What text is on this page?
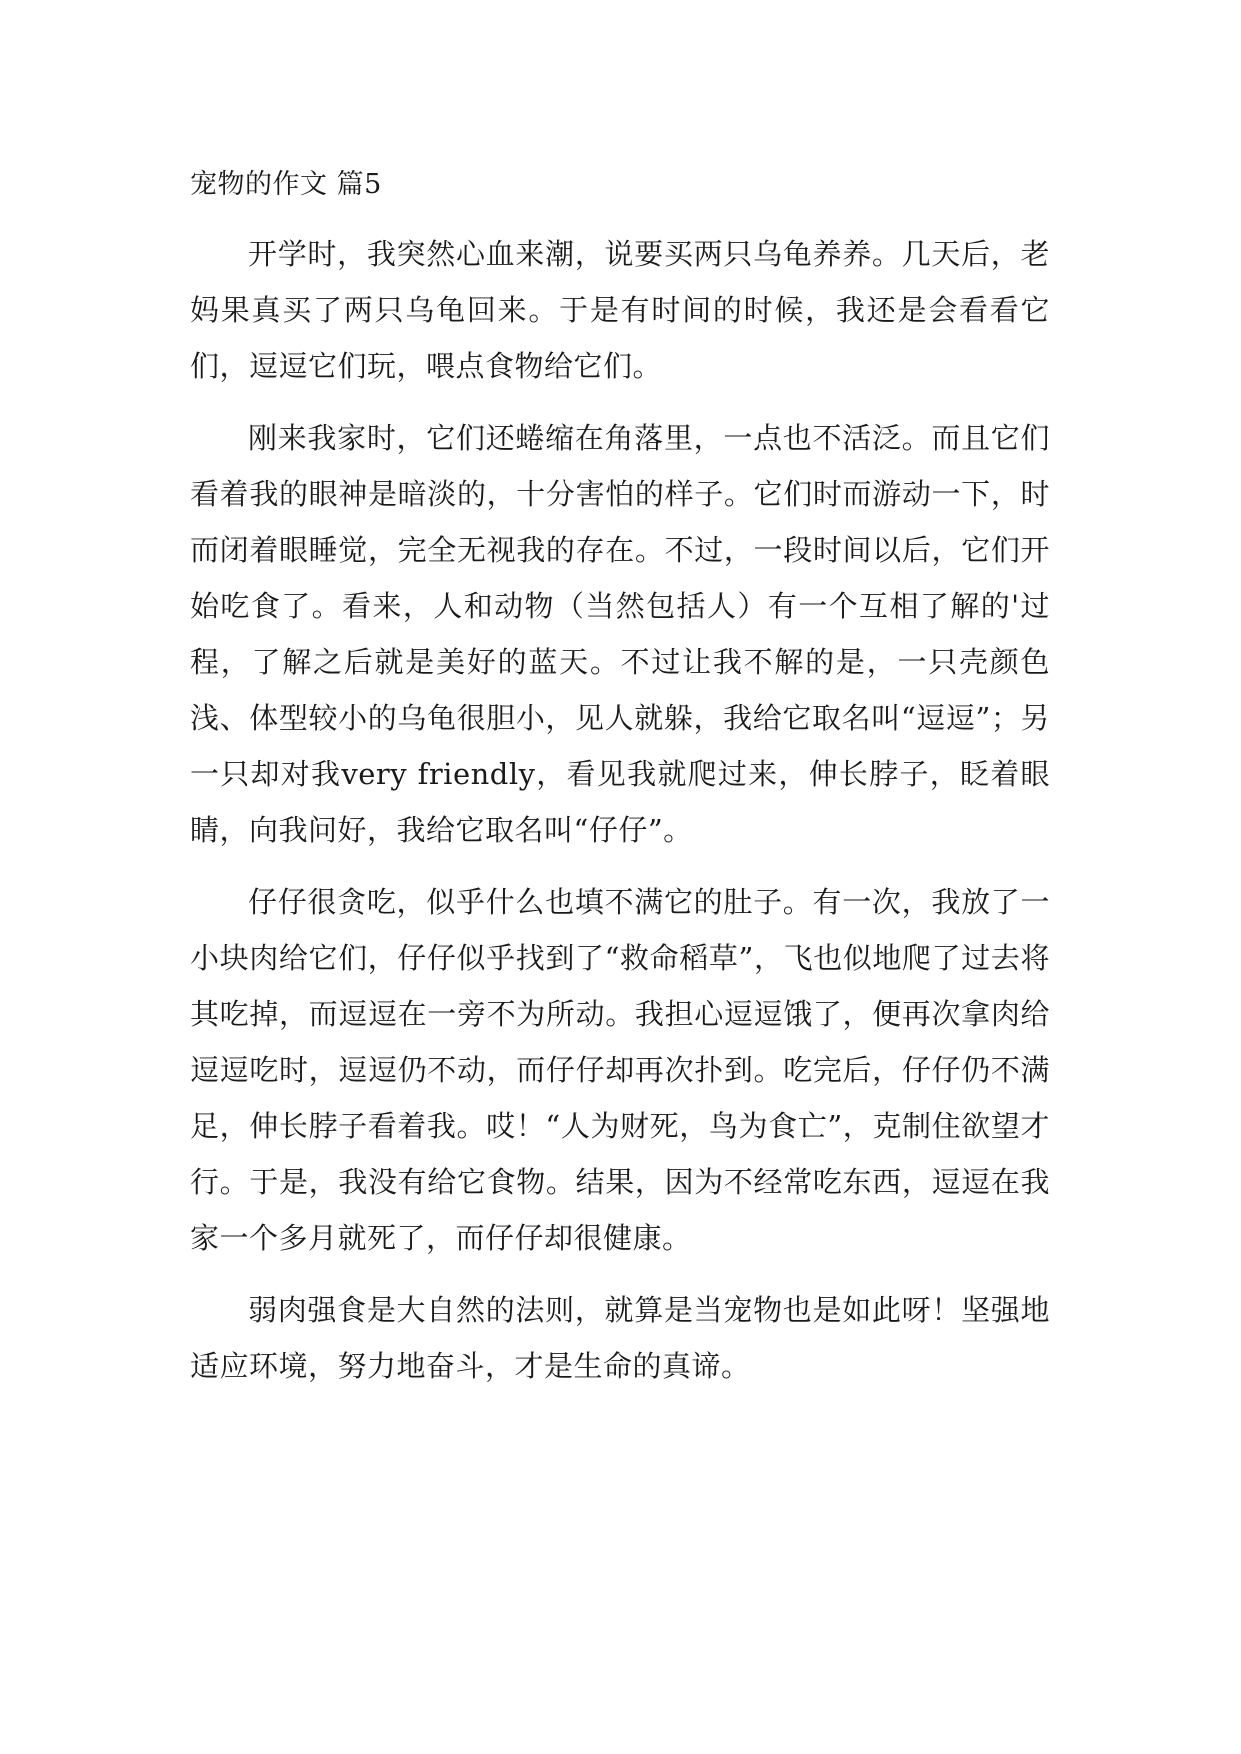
宠物的作文 篇5

开学时，我突然心血来潮，说要买两只乌龟养养。几天后，老妈果真买了两只乌龟回来。于是有时间的时候，我还是会看看它们，逗逗它们玩，喂点食物给它们。

刚来我家时，它们还蜷缩在角落里，一点也不活泛。而且它们看着我的眼神是暗淡的，十分害怕的样子。它们时而游动一下，时而闭着眼睡觉，完全无视我的存在。不过，一段时间以后，它们开始吃食了。看来，人和动物（当然包括人）有一个互相了解的'过程，了解之后就是美好的蓝天。不过让我不解的是，一只壳颜色浅、体型较小的乌龟很胆小，见人就躲，我给它取名叫“逗逗”；另一只却对我very friendly，看见我就爬过来，伸长脖子，眨着眼睛，向我问好，我给它取名叫“仔仔”。

仔仔很贪吃，似乎什么也填不满它的肚子。有一次，我放了一小块肉给它们，仔仔似乎找到了“救命稻草”，飞也似地爬了过去将其吃掉，而逗逗在一旁不为所动。我担心逗逗饿了，便再次拿肉给逗逗吃时，逗逗仍不动，而仔仔却再次扑到。吃完后，仔仔仍不满足，伸长脖子看着我。哎！“人为财死，鸟为食亡”，克制住欲望才行。于是，我没有给它食物。结果，因为不经常吃东西，逗逗在我家一个多月就死了，而仔仔却很健康。

弱肉强食是大自然的法则，就算是当宠物也是如此呀！坚强地适应环境，努力地奋斗，才是生命的真谛。
